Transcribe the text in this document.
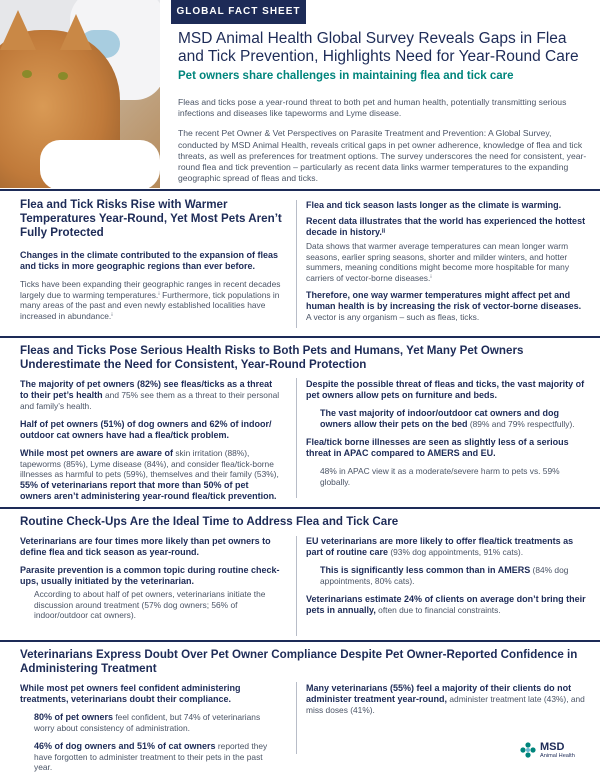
GLOBAL FACT SHEET
MSD Animal Health Global Survey Reveals Gaps in Flea and Tick Prevention, Highlights Need for Year-Round Care
Pet owners share challenges in maintaining flea and tick care

Fleas and ticks pose a year-round threat to both pet and human health, potentially transmitting serious infections and diseases like tapeworms and Lyme disease.

The recent Pet Owner & Vet Perspectives on Parasite Treatment and Prevention: A Global Survey, conducted by MSD Animal Health, reveals critical gaps in pet owner adherence, knowledge of flea and tick threats, as well as preferences for treatment options. The survey underscores the need for consistent, year-round flea and tick prevention – particularly as recent data links warmer temperatures to the expanding geographic spread of fleas and ticks.

Flea and Tick Risks Rise with Warmer Temperatures Year-Round, Yet Most Pets Aren’t Fully Protected

Changes in the climate contributed to the expansion of fleas and ticks in more geographic regions than ever before.

Ticks have been expanding their geographic ranges in recent decades largely due to warming temperatures.ⁱ Furthermore, tick populations in many areas of the past and even newly established localities have increased in abundance.ⁱ

Flea and tick season lasts longer as the climate is warming.

Recent data illustrates that the world has experienced the hottest decade in history.ⁱⁱ

Data shows that warmer average temperatures can mean longer warm seasons, earlier spring seasons, shorter and milder winters, and hotter summers, meaning conditions might become more hospitable for many carriers of vector-borne diseases.ⁱ

Therefore, one way warmer temperatures might affect pet and human health is by increasing the risk of vector-borne diseases.

A vector is any organism – such as fleas, ticks.

Fleas and Ticks Pose Serious Health Risks to Both Pets and Humans, Yet Many Pet Owners Underestimate the Need for Consistent, Year-Round Protection

The majority of pet owners (82%) see fleas/ticks as a threat to their pet’s health and 75% see them as a threat to their personal and family’s health.

Half of pet owners (51%) of dog owners and 62% of indoor/ outdoor cat owners have had a flea/tick problem.

While most pet owners are aware of skin irritation (88%), tapeworms (85%), Lyme disease (84%), and consider flea/tick-borne illnesses as harmful to pets (59%), themselves and their family (53%), 55% of veterinarians report that more than 50% of pet owners aren’t administering year-round flea/tick prevention.

Despite the possible threat of fleas and ticks, the vast majority of pet owners allow pets on furniture and beds.

The vast majority of indoor/outdoor cat owners and dog owners allow their pets on the bed (89% and 79% respectfully).

Flea/tick borne illnesses are seen as slightly less of a serious threat in APAC compared to AMERS and EU.

48% in APAC view it as a moderate/severe harm to pets vs. 59% globally.

Routine Check-Ups Are the Ideal Time to Address Flea and Tick Care

Veterinarians are four times more likely than pet owners to define flea and tick season as year-round.

Parasite prevention is a common topic during routine check-ups, usually initiated by the veterinarian.

According to about half of pet owners, veterinarians initiate the discussion around treatment (57% dog owners; 56% of indoor/outdoor cat owners).

EU veterinarians are more likely to offer flea/tick treatments as part of routine care (93% dog appointments, 91% cats).

This is significantly less common than in AMERS (84% dog appointments, 80% cats).

Veterinarians estimate 24% of clients on average don’t bring their pets in annually, often due to financial constraints.

Veterinarians Express Doubt Over Pet Owner Compliance Despite Pet Owner-Reported Confidence in Administering Treatment

While most pet owners feel confident administering treatments, veterinarians doubt their compliance.

80% of pet owners feel confident, but 74% of veterinarians worry about consistency of administration.

46% of dog owners and 51% of cat owners reported they have forgotten to administer treatment to their pets in the past year.

Many veterinarians (55%) feel a majority of their clients do not administer treatment year-round, administer treatment late (43%), and miss doses (41%).

MSD
Animal Health
